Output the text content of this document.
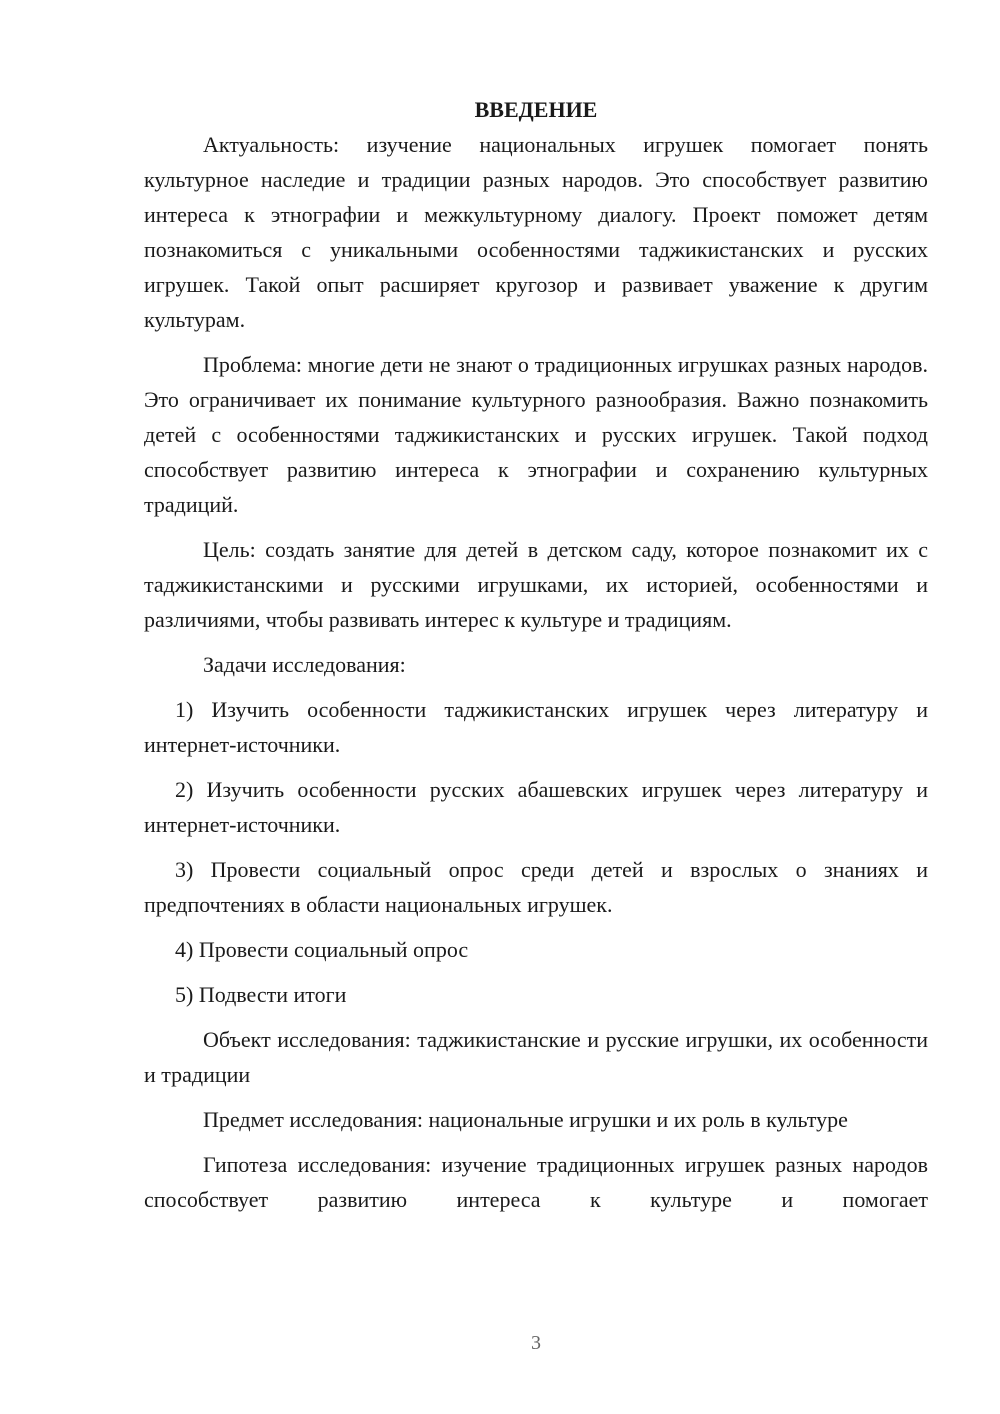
ВВЕДЕНИЕ

Актуальность: изучение национальных игрушек помогает понять культурное наследие и традиции разных народов. Это способствует развитию интереса к этнографии и межкультурному диалогу. Проект поможет детям познакомиться с уникальными особенностями таджикистанских и русских игрушек. Такой опыт расширяет кругозор и развивает уважение к другим культурам.

Проблема: многие дети не знают о традиционных игрушках разных народов. Это ограничивает их понимание культурного разнообразия. Важно познакомить детей с особенностями таджикистанских и русских игрушек. Такой подход способствует развитию интереса к этнографии и сохранению культурных традиций.

Цель: создать занятие для детей в детском саду, которое познакомит их с таджикистанскими и русскими игрушками, их историей, особенностями и различиями, чтобы развивать интерес к культуре и традициям.

Задачи исследования:

1) Изучить особенности таджикистанских игрушек через литературу и интернет-источники.

2) Изучить особенности русских абашевских игрушек через литературу и интернет-источники.

3) Провести социальный опрос среди детей и взрослых о знаниях и предпочтениях в области национальных игрушек.

4) Провести социальный опрос

5) Подвести итоги

Объект исследования: таджикистанские и русские игрушки, их особенности и традиции

Предмет исследования: национальные игрушки и их роль в культуре

Гипотеза исследования: изучение традиционных игрушек разных народов способствует развитию интереса к культуре и помогает

3
